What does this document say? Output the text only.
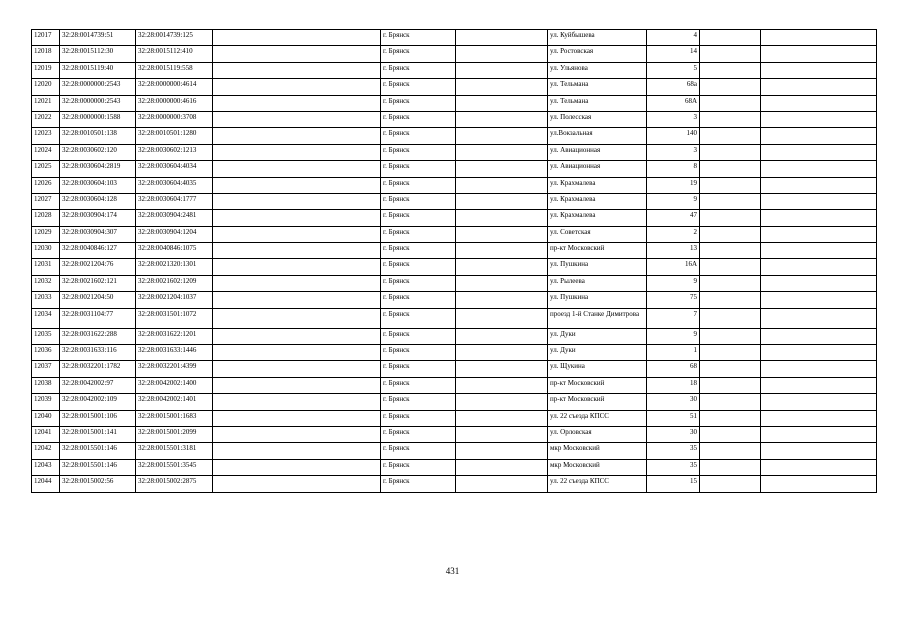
12017	32:28:0014739:51	32:28:0014739:125		г. Брянск		ул. Куйбышева	4		
12018	32:28:0015112:30	32:28:0015112:410		г. Брянск		ул. Ростовская	14		
12019	32:28:0015119:40	32:28:0015119:558		г. Брянск		ул. Ульянова	5		
12020	32:28:0000000:2543	32:28:0000000:4614		г. Брянск		ул. Тельмана	68а		
12021	32:28:0000000:2543	32:28:0000000:4616		г. Брянск		ул. Тельмана	68А		
12022	32:28:0000000:1588	32:28:0000000:3708		г. Брянск		ул. Полесская	3		
12023	32:28:0010501:138	32:28:0010501:1280		г. Брянск		ул.Вокзальная	140		
12024	32:28:0030602:120	32:28:0030602:1213		г. Брянск		ул. Авиационная	3		
12025	32:28:0030604:2819	32:28:0030604:4034		г. Брянск		ул. Авиационная	8		
12026	32:28:0030604:103	32:28:0030604:4035		г. Брянск		ул. Крахмалева	19		
12027	32:28:0030604:128	32:28:0030604:1777		г. Брянск		ул. Крахмалева	9		
12028	32:28:0030904:174	32:28:0030904:2481		г. Брянск		ул. Крахмалева	47		
12029	32:28:0030904:307	32:28:0030904:1204		г. Брянск		ул. Советская	2		
12030	32:28:0040846:127	32:28:0040846:1075		г. Брянск		пр-кт Московский	13		
12031	32:28:0021204:76	32:28:0021320:1301		г. Брянск		ул. Пушкина	16А		
12032	32:28:0021602:121	32:28:0021602:1209		г. Брянск		ул. Рылеева	9		
12033	32:28:0021204:50	32:28:0021204:1037		г. Брянск		ул. Пушкина	75		
12034	32:28:0031104:77	32:28:0031501:1072		г. Брянск		проезд 1-й Станке Димитрова	7		
12035	32:28:0031622:288	32:28:0031622:1201		г. Брянск		ул. Дуки	9		
12036	32:28:0031633:116	32:28:0031633:1446		г. Брянск		ул. Дуки	1		
12037	32:28:0032201:1782	32:28:0032201:4399		г. Брянск		ул. Щукина	68		
12038	32:28:0042002:97	32:28:0042002:1400		г. Брянск		пр-кт Московский	18		
12039	32:28:0042002:109	32:28:0042002:1401		г. Брянск		пр-кт Московский	30		
12040	32:28:0015001:106	32:28:0015001:1683		г. Брянск		ул. 22 съезда КПСС	51		
12041	32:28:0015001:141	32:28:0015001:2099		г. Брянск		ул. Орловская	30		
12042	32:28:0015501:146	32:28:0015501:3181		г. Брянск		мкр Московский	35		
12043	32:28:0015501:146	32:28:0015501:3545		г. Брянск		мкр Московский	35		
12044	32:28:0015002:56	32:28:0015002:2875		г. Брянск		ул. 22 съезда КПСС	15		
431
